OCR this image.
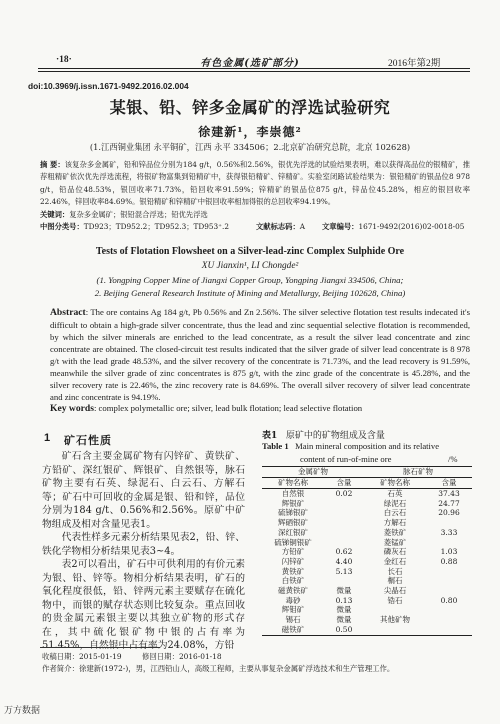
·18·	有色金属(选矿部分)	2016年第2期
doi:10.3969/j.issn.1671-9492.2016.02.004
某银、铅、锌多金属矿的浮选试验研究
徐建新¹，李崇德²
(1.江西铜业集团 永平铜矿，江西 永平 334506；2.北京矿冶研究总院，北京 102628)
摘 要：该复杂多金属矿，铅和锌品位分别为184 g/t，0.56%和2.56%，银优先浮选的试验结果表明，难以获得高品位的银精矿，推荐粗精矿依次优先浮选流程，将银矿物富集到铅精矿中，获得银铅精矿、锌精矿。实验室闭路试验结果为：银铅精矿的银品位8 978 g/t，铅品位48.53%，银回收率71.73%，铅回收率91.59%；锌精矿的银品位875 g/t，锌品位45.28%，相应的银回收率22.46%，锌回收率84.69%。银铅精矿和锌精矿中银回收率相加得银的总回收率94.19%。
关键词：复杂多金属矿；银铅混合浮选；铅优先浮选
中图分类号：TD923；TD952.2；TD952.3；TD953⁺.2	文献标志码：A 文章编号：1671-9492(2016)02-0018-05
Tests of Flotation Flowsheet on a Silver-lead-zinc Complex Sulphide Ore
XU Jianxin¹, LI Chongde²
(1. Yongping Copper Mine of Jiangxi Copper Group, Yongping Jiangxi 334506, China;
2. Beijing General Research Institute of Mining and Metallurgy, Beijing 102628, China)
Abstract: The ore contains Ag 184 g/t, Pb 0.56% and Zn 2.56%. The silver selective flotation test results indecated it's difficult to obtain a high-grade silver concentrate, thus the lead and zinc sequential selective flotation is recommended, by which the silver minerals are enriched to the lead concentrate, as a result the silver lead concentrate and zinc concentrate are obtained. The closed-circuit test results indicated that the silver grade of silver lead concentrate is 8 978 g/t with the lead grade 48.53%, and the silver recovery of the concentrate is 71.73%, and the lead recovery is 91.59%, meanwhile the silver grade of zinc concentrates is 875 g/t, with the zinc grade of the concentrate is 45.28%, and the silver recovery rate is 22.46%, the zinc recovery rate is 84.69%. The overall silver recovery of silver lead concentrate and zinc concentrate is 94.19%.
Key words: complex polymetallic ore; silver, lead bulk flotation; lead selective flotation
1 矿石性质

矿石含主要金属矿物有闪锌矿、黄铁矿、方铅矿、深红银矿、辉银矿、自然银等，脉石矿物主要有石英、绿泥石、白云石、方解石等；矿石中可回收的金属是银、铅和锌，品位分别为184 g/t、0.56%和2.56%。原矿中矿物组成及相对含量见表1。

代表性样多元素分析结果见表2，铅、锌、铁化学物相分析结果见表3~4。

表2可以看出，矿石中可供利用的有价元素为银、铅、锌等。物相分析结果表明，矿石的氧化程度很低，铅、锌两元素主要赋存在硫化物中，而银的赋存状态则比较复杂。重点回收的贵金属元素银主要以其独立矿物的形式存在，其中硫化银矿物中银的占有率为51.45%，自然银中占有率为24.08%，方铅

表1 原矿中的矿物组成及含量
Table 1 Main mineral composition and its relative
content of run-of-mine ore	/%
金属矿物		脉石矿物	
矿物名称	含量	矿物名称	含量
自然银	0.02	石英	37.43
辉银矿		绿泥石	24.77
硫锑银矿		白云石	20.96
辉硒银矿		方解石	
深红银矿		菱铁矿	3.33
硫锑铜银矿		菱锰矿	
方铅矿	0.62	磷灰石	1.03
闪锌矿	4.40	金红石	0.88
黄铁矿	5.13	长石	
白铁矿		榍石	
磁黄铁矿	微量	尖晶石	
毒砂	0.13	锆石	0.80
辉钼矿	微量		
锡石	微量	其他矿物	
磁铁矿	0.50		
收稿日期：2015-01-19	修回日期：2016-01-18
作者简介：徐建新(1972-)，男，江西铅山人，高级工程师，主要从事复杂金属矿浮选技术和生产管理工作。
万方数据
